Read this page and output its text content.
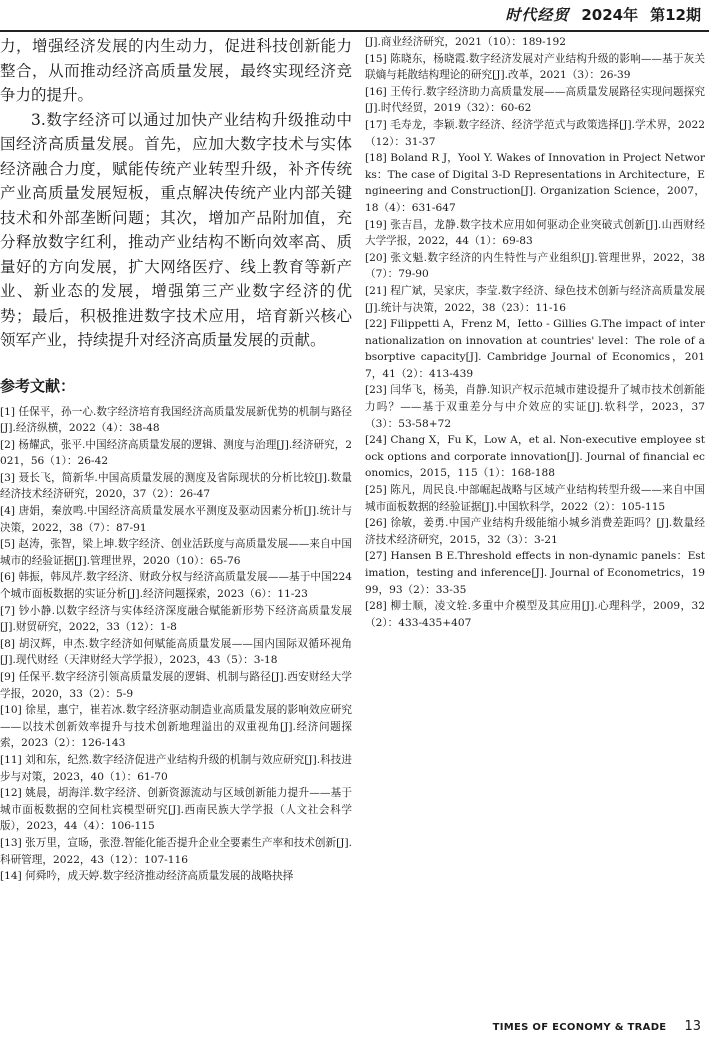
时代经贸 2024年 第12期

力，增强经济发展的内生动力，促进科技创新能力整合，从而推动经济高质量发展，最终实现经济竞争力的提升。

3.数字经济可以通过加快产业结构升级推动中国经济高质量发展。首先，应加大数字技术与实体经济融合力度，赋能传统产业转型升级，补齐传统产业高质量发展短板，重点解决传统产业内部关键技术和外部垄断问题；其次，增加产品附加值，充分释放数字红利，推动产业结构不断向效率高、质量好的方向发展，扩大网络医疗、线上教育等新产业、新业态的发展，增强第三产业数字经济的优势；最后，积极推进数字技术应用，培育新兴核心领军产业，持续提升对经济高质量发展的贡献。

参考文献：

[1] 任保平，孙一心.数字经济培育我国经济高质量发展新优势的机制与路径[J].经济纵横，2022（4）：38-48

[2] 杨耀武，张平.中国经济高质量发展的逻辑、测度与治理[J].经济研究，2021，56（1）：26-42

[3] 聂长飞，简新华.中国高质量发展的测度及省际现状的分析比较[J].数量经济技术经济研究，2020，37（2）：26-47

[4] 唐娟，秦放鸣.中国经济高质量发展水平测度及驱动因素分析[J].统计与决策，2022，38（7）：87-91

[5] 赵涛，张智，梁上坤.数字经济、创业活跃度与高质量发展——来自中国城市的经验证据[J].管理世界，2020（10）：65-76

[6] 韩振，韩凤芹.数字经济、财政分权与经济高质量发展——基于中国224个城市面板数据的实证分析[J].经济问题探索，2023（6）：11-23

[7] 钞小静.以数字经济与实体经济深度融合赋能新形势下经济高质量发展[J].财贸研究，2022，33（12）：1-8

[8] 胡汉辉，申杰.数字经济如何赋能高质量发展——国内国际双循环视角[J].现代财经（天津财经大学学报），2023，43（5）：3-18

[9] 任保平.数字经济引领高质量发展的逻辑、机制与路径[J].西安财经大学学报，2020，33（2）：5-9

[10] 徐星，惠宁，崔若冰.数字经济驱动制造业高质量发展的影响效应研究——以技术创新效率提升与技术创新地理溢出的双重视角[J].经济问题探索，2023（2）：126-143

[11] 刘和东，纪然.数字经济促进产业结构升级的机制与效应研究[J].科技进步与对策，2023，40（1）：61-70

[12] 姚晨，胡海洋.数字经济、创新资源流动与区域创新能力提升——基于城市面板数据的空间杜宾模型研究[J].西南民族大学学报（人文社会科学版），2023，44（4）：106-115

[13] 张万里，宣旸，张澄.智能化能否提升企业全要素生产率和技术创新[J].科研管理，2022，43（12）：107-116

[14] 何舜吟，成天婷.数字经济推动经济高质量发展的战略抉择

[J].商业经济研究，2021（10）：189-192

[15] 陈晓东，杨晓霞.数字经济发展对产业结构升级的影响——基于灰关联熵与耗散结构理论的研究[J].改革，2021（3）：26-39

[16] 王传行.数字经济助力高质量发展——高质量发展路径实现问题探究[J].时代经贸，2019（32）：60-62

[17] 毛寿龙，李颖.数字经济、经济学范式与政策选择[J].学术界，2022（12）：31-37

[18] Boland R J，Yool Y. Wakes of Innovation in Project Networks：The case of Digital 3-D Representations in Architecture，Engineering and Construction[J]. Organization Science，2007，18（4）：631-647

[19] 张吉昌，龙静.数字技术应用如何驱动企业突破式创新[J].山西财经大学学报，2022，44（1）：69-83

[20] 张文魁.数字经济的内生特性与产业组织[J].管理世界，2022，38（7）：79-90

[21] 程广斌，吴家庆，李莹.数字经济、绿色技术创新与经济高质量发展[J].统计与决策，2022，38（23）：11-16

[22] Filippetti A，Frenz M，Ietto - Gillies G.The impact of internationalization on innovation at countries' level：The role of absorptive capacity[J]. Cambridge Journal of Economics，2017，41（2）：413-439

[23] 闫华飞，杨美，肖静.知识产权示范城市建设提升了城市技术创新能力吗？——基于双重差分与中介效应的实证[J].软科学，2023，37（3）：53-58+72

[24] Chang X，Fu K，Low A，et al. Non-executive employee stock options and corporate innovation[J]. Journal of financial economics，2015，115（1）：168-188

[25] 陈凡，周民良.中部崛起战略与区域产业结构转型升级——来自中国城市面板数据的经验证据[J].中国软科学，2022（2）：105-115

[26] 徐敏，姜勇.中国产业结构升级能缩小城乡消费差距吗？[J].数量经济技术经济研究，2015，32（3）：3-21

[27] Hansen B E.Threshold effects in non-dynamic panels：Estimation，testing and inference[J]. Journal of Econometrics，1999，93（2）：33-35

[28] 柳士顺，凌文辁.多重中介模型及其应用[J].心理科学，2009，32（2）：433-435+407

TIMES OF ECONOMY & TRADE 13
